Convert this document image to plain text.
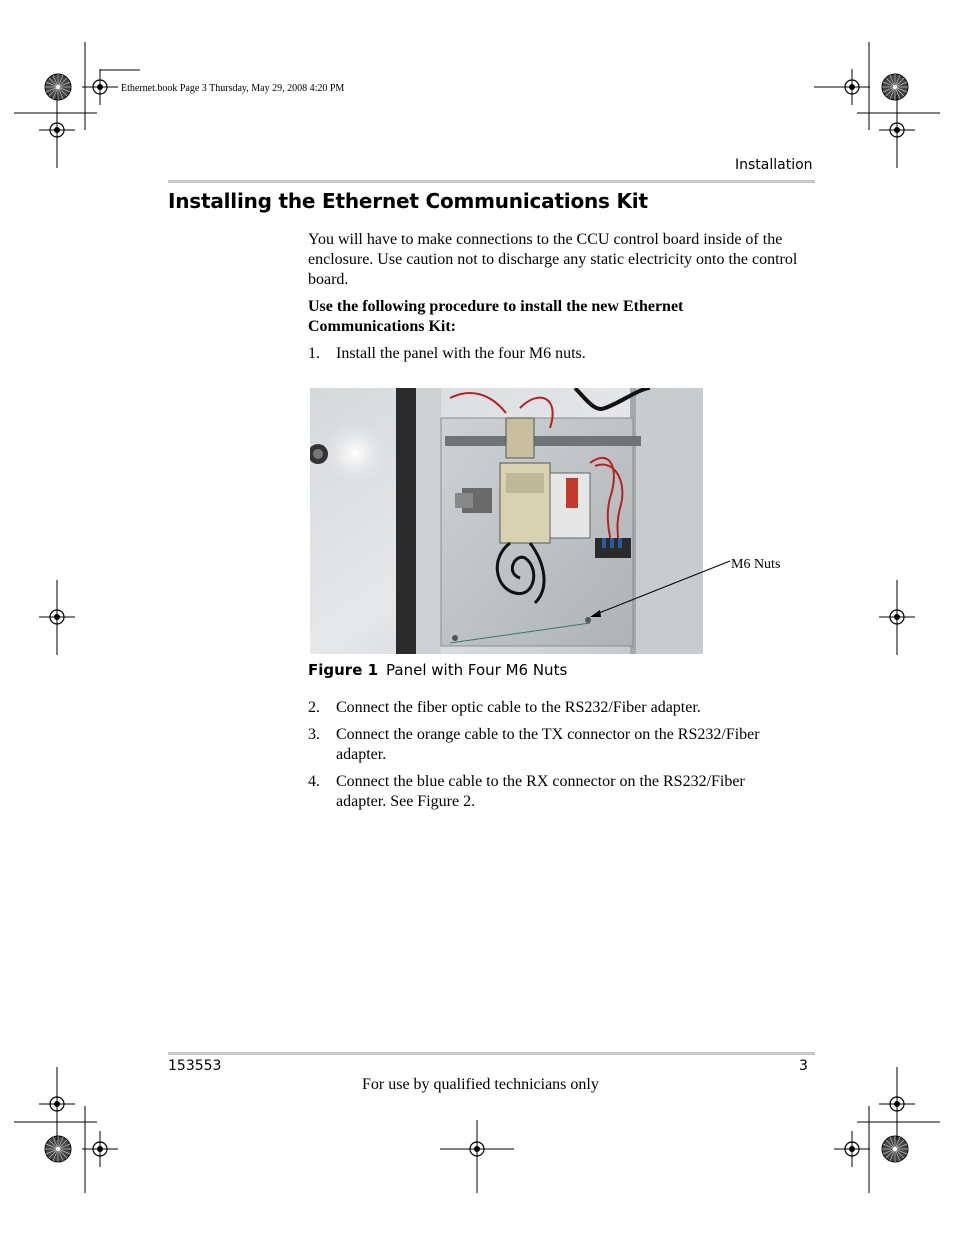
Ethernet.book Page 3 Thursday, May 29, 2008 4:20 PM
Installation
Installing the Ethernet Communications Kit

You will have to make connections to the CCU control board inside of the enclosure. Use caution not to discharge any static electricity onto the control board.

Use the following procedure to install the new Ethernet Communications Kit:

1.	Install the panel with the four M6 nuts.
M6 Nuts
Figure 1 Panel with Four M6 Nuts
2.	Connect the fiber optic cable to the RS232/Fiber adapter.
3.	Connect the orange cable to the TX connector on the RS232/Fiber adapter.
4.	Connect the blue cable to the RX connector on the RS232/Fiber adapter. See Figure 2.
153553	3
For use by qualified technicians only
